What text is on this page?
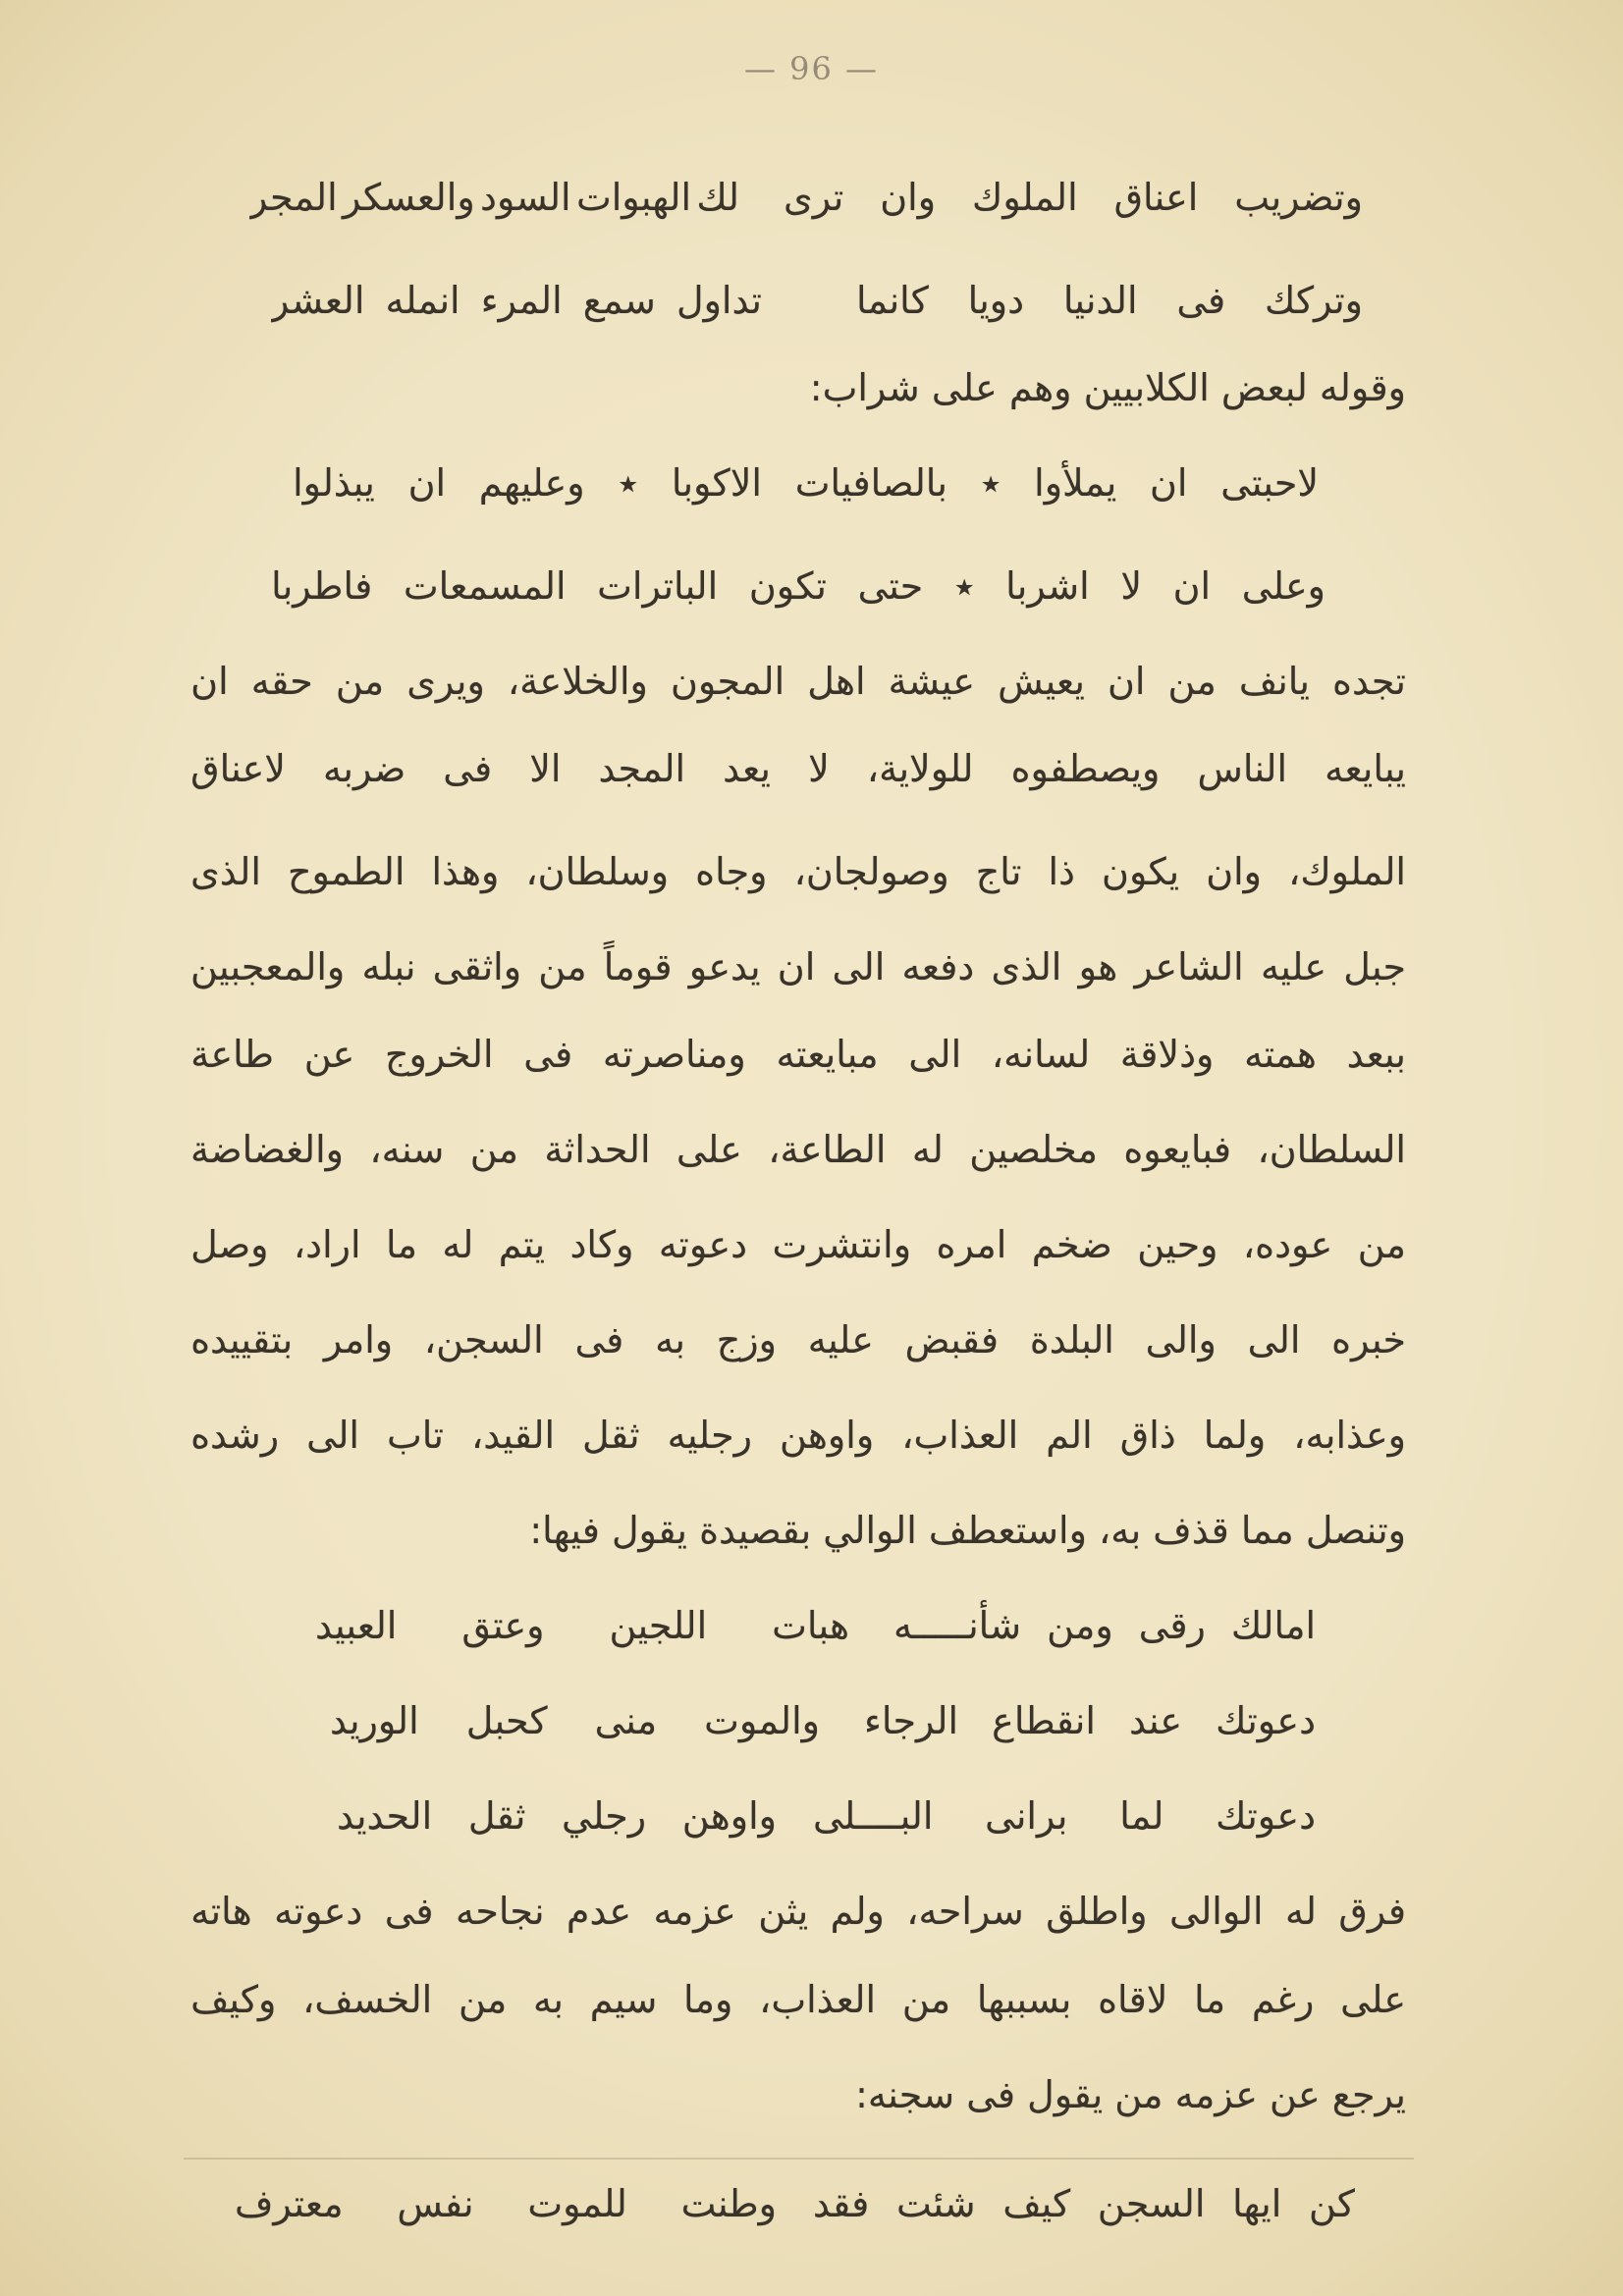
— 96 —
وتضريب
اعناق
الملوك
وان
ترى
لك
الهبوات
السود
والعسكر
المجر
وتركك
فى
الدنيا
دويا
كانما
تداول
سمع
المرء
انمله
العشر
وقوله لبعض الكلابيين وهم على شراب:
لاحبتى
ان
يملأوا
٭
بالصافيات
الاكوبا
٭
وعليهم
ان
يبذلوا
وعلى
ان
لا
اشربا
٭
حتى
تكون
الباترات
المسمعات
فاطربا
تجده
يانف
من
ان
يعيش
عيشة
اهل
المجون
والخلاعة،
ويرى
من
حقه
ان
يبايعه
الناس
ويصطفوه
للولاية،
لا
يعد
المجد
الا
فى
ضربه
لاعناق
الملوك،
وان
يكون
ذا
تاج
وصولجان،
وجاه
وسلطان،
وهذا
الطموح
الذى
جبل
عليه
الشاعر
هو
الذى
دفعه
الى
ان
يدعو
قوماً
من
واثقى
نبله
والمعجبين
ببعد
همته
وذلاقة
لسانه،
الى
مبايعته
ومناصرته
فى
الخروج
عن
طاعة
السلطان،
فبايعوه
مخلصين
له
الطاعة،
على
الحداثة
من
سنه،
والغضاضة
من
عوده،
وحين
ضخم
امره
وانتشرت
دعوته
وكاد
يتم
له
ما
اراد،
وصل
خبره
الى
والى
البلدة
فقبض
عليه
وزج
به
فى
السجن،
وامر
بتقييده
وعذابه،
ولما
ذاق
الم
العذاب،
واوهن
رجليه
ثقل
القيد،
تاب
الى
رشده
وتنصل مما قذف به، واستعطف الوالي بقصيدة يقول فيها:
امالك
رقى
ومن
شأنـــــه
هبات
اللجين
وعتق
العبيد
دعوتك
عند
انقطاع
الرجاء
والموت
منى
كحبل
الوريد
دعوتك
لما
برانى
البــــلى
واوهن
رجلي
ثقل
الحديد
فرق
له
الوالى
واطلق
سراحه،
ولم
يثن
عزمه
عدم
نجاحه
فى
دعوته
هاته
على
رغم
ما
لاقاه
بسببها
من
العذاب،
وما
سيم
به
من
الخسف،
وكيف
يرجع عن عزمه من يقول فى سجنه:
كن
ايها
السجن
كيف
شئت
فقد
وطنت
للموت
نفس
معترف
